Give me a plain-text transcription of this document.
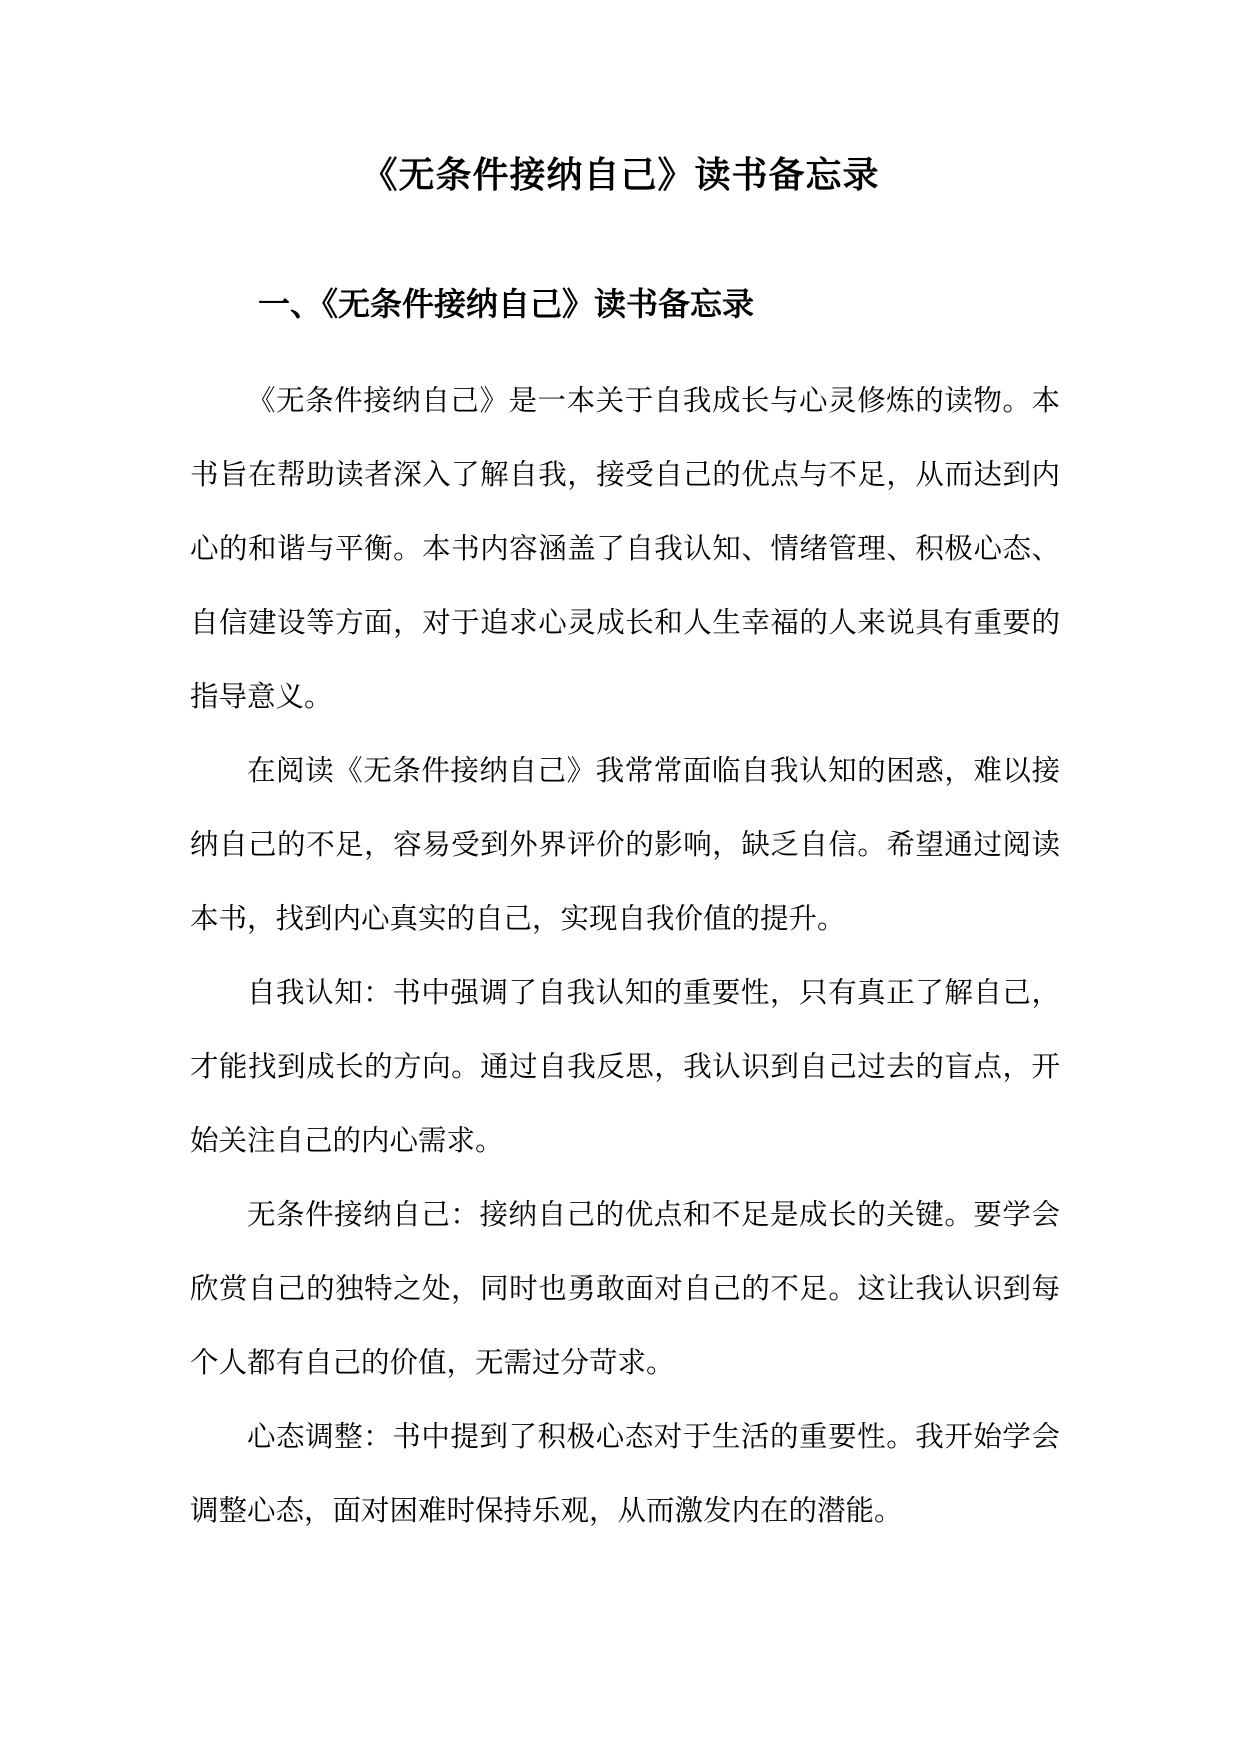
《无条件接纳自己》读书备忘录
一、《无条件接纳自己》读书备忘录

《无条件接纳自己》是一本关于自我成长与心灵修炼的读物。本书旨在帮助读者深入了解自我，接受自己的优点与不足，从而达到内心的和谐与平衡。本书内容涵盖了自我认知、情绪管理、积极心态、自信建设等方面，对于追求心灵成长和人生幸福的人来说具有重要的指导意义。

在阅读《无条件接纳自己》我常常面临自我认知的困惑，难以接纳自己的不足，容易受到外界评价的影响，缺乏自信。希望通过阅读本书，找到内心真实的自己，实现自我价值的提升。

自我认知：书中强调了自我认知的重要性，只有真正了解自己，才能找到成长的方向。通过自我反思，我认识到自己过去的盲点，开始关注自己的内心需求。

无条件接纳自己：接纳自己的优点和不足是成长的关键。要学会欣赏自己的独特之处，同时也勇敢面对自己的不足。这让我认识到每个人都有自己的价值，无需过分苛求。

心态调整：书中提到了积极心态对于生活的重要性。我开始学会调整心态，面对困难时保持乐观，从而激发内在的潜能。
